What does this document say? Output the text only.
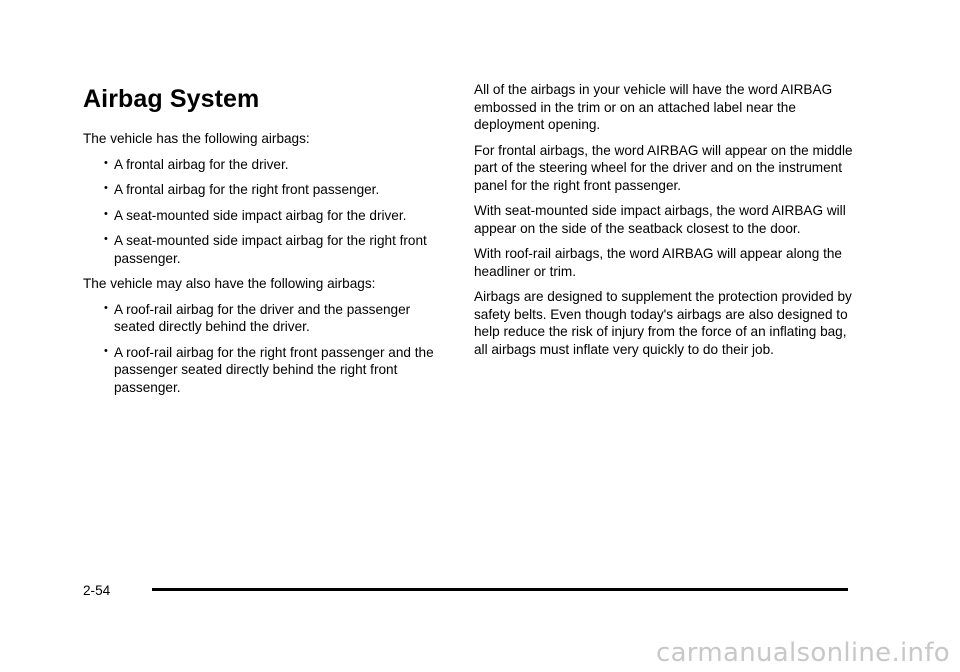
Airbag System

The vehicle has the following airbags:

• A frontal airbag for the driver.
• A frontal airbag for the right front passenger.
• A seat-mounted side impact airbag for the driver.
• A seat-mounted side impact airbag for the right front passenger.

The vehicle may also have the following airbags:

• A roof-rail airbag for the driver and the passenger seated directly behind the driver.
• A roof-rail airbag for the right front passenger and the passenger seated directly behind the right front passenger.

All of the airbags in your vehicle will have the word AIRBAG embossed in the trim or on an attached label near the deployment opening.

For frontal airbags, the word AIRBAG will appear on the middle part of the steering wheel for the driver and on the instrument panel for the right front passenger.

With seat-mounted side impact airbags, the word AIRBAG will appear on the side of the seatback closest to the door.

With roof-rail airbags, the word AIRBAG will appear along the headliner or trim.

Airbags are designed to supplement the protection provided by safety belts. Even though today's airbags are also designed to help reduce the risk of injury from the force of an inflating bag, all airbags must inflate very quickly to do their job.

2-54
carmanualsonline.info
